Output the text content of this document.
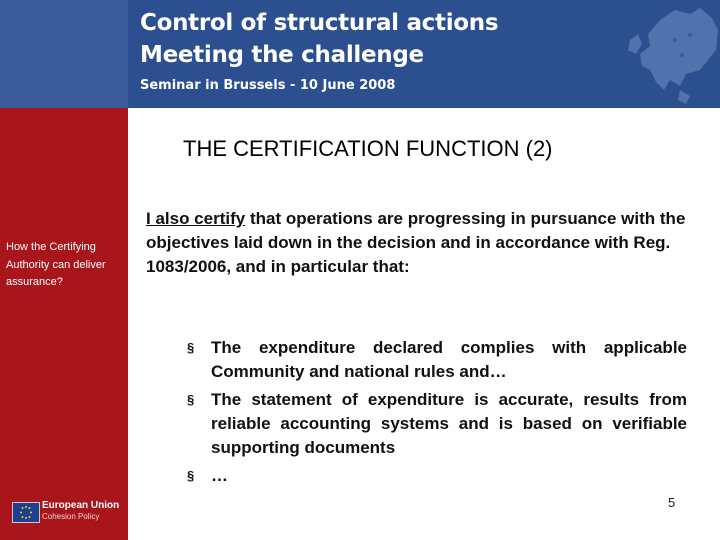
Control of structural actions
Meeting the challenge
Seminar in Brussels - 10 June 2008
How the Certifying Authority can deliver assurance?
European Union
Cohesion Policy
THE CERTIFICATION FUNCTION (2)
I also certify that operations are progressing in pursuance with the objectives laid down in the decision and in accordance with Reg. 1083/2006, and in particular that:
§ The expenditure declared complies with applicable Community and national rules and…
§ The statement of expenditure is accurate, results from reliable accounting systems and is based on verifiable supporting documents
§ …
5
